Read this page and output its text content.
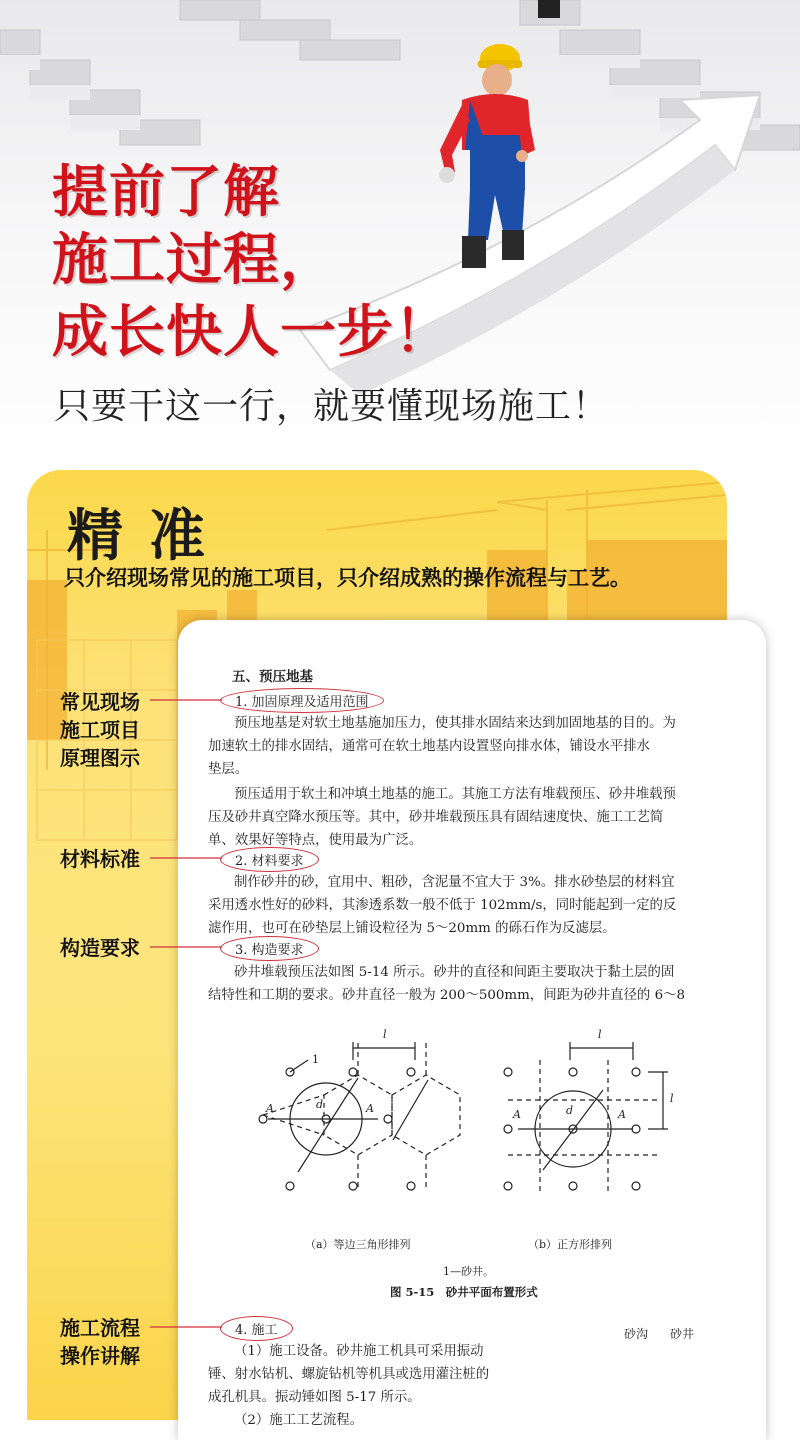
提前了解
施工过程，
成长快人一步！
只要干这一行，就要懂现场施工！
精准
只介绍现场常见的施工项目，只介绍成熟的操作流程与工艺。
常见现场
施工项目
原理图示
材料标准
构造要求
施工流程
操作讲解
五、预压地基
1. 加固原理及适用范围
预压地基是对软土地基施加压力，使其排水固结来达到加固地基的目的。为
加速软土的排水固结，通常可在软土地基内设置竖向排水体，铺设水平排水
垫层。
预压适用于软土和冲填土地基的施工。其施工方法有堆载预压、砂井堆载预
压及砂井真空降水预压等。其中，砂井堆载预压具有固结速度快、施工工艺简
单、效果好等特点，使用最为广泛。
2. 材料要求
制作砂井的砂，宜用中、粗砂，含泥量不宜大于 3%。排水砂垫层的材料宜
采用透水性好的砂料，其渗透系数一般不低于 102mm/s，同时能起到一定的反
滤作用，也可在砂垫层上铺设粒径为 5～20mm 的砾石作为反滤层。
3. 构造要求
砂井堆载预压法如图 5-14 所示。砂井的直径和间距主要取决于黏土层的固
结特性和工期的要求。砂井直径一般为 200～500mm，间距为砂井直径的 6～8
l	l
1
A	A
d
A	A
d
l
（a）等边三角形排列	（b）正方形排列
1—砂井。
图 5-15　砂井平面布置形式
4. 施工
（1）施工设备。砂井施工机具可采用振动
锤、射水钻机、螺旋钻机等机具或选用灌注桩的
成孔机具。振动锤如图 5-17 所示。
（2）施工工艺流程。
砂沟 砂井
